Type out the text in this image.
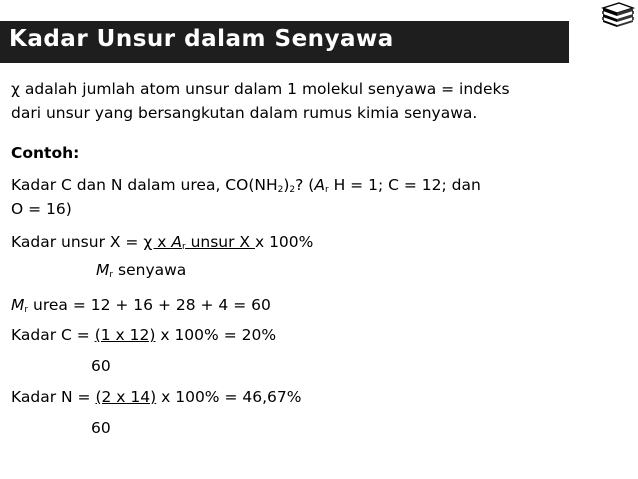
Kadar Unsur dalam Senyawa
χ adalah jumlah atom unsur dalam 1 molekul senyawa = indeks
dari unsur yang bersangkutan dalam rumus kimia senyawa.
Contoh:
Kadar C dan N dalam urea, $CO(NH_2)_2$? ($A_r$ H = 1; C = 12; dan
O = 16)
Kadar unsur X = χ x $A_r$ unsur X x 100%
$M_r$ senyawa
$M_r$ urea = 12 + 16 + 28 + 4 = 60
Kadar C = (1 x 12) x 100% = 20%
60
Kadar N = (2 x 14) x 100% = 46,67%
60
